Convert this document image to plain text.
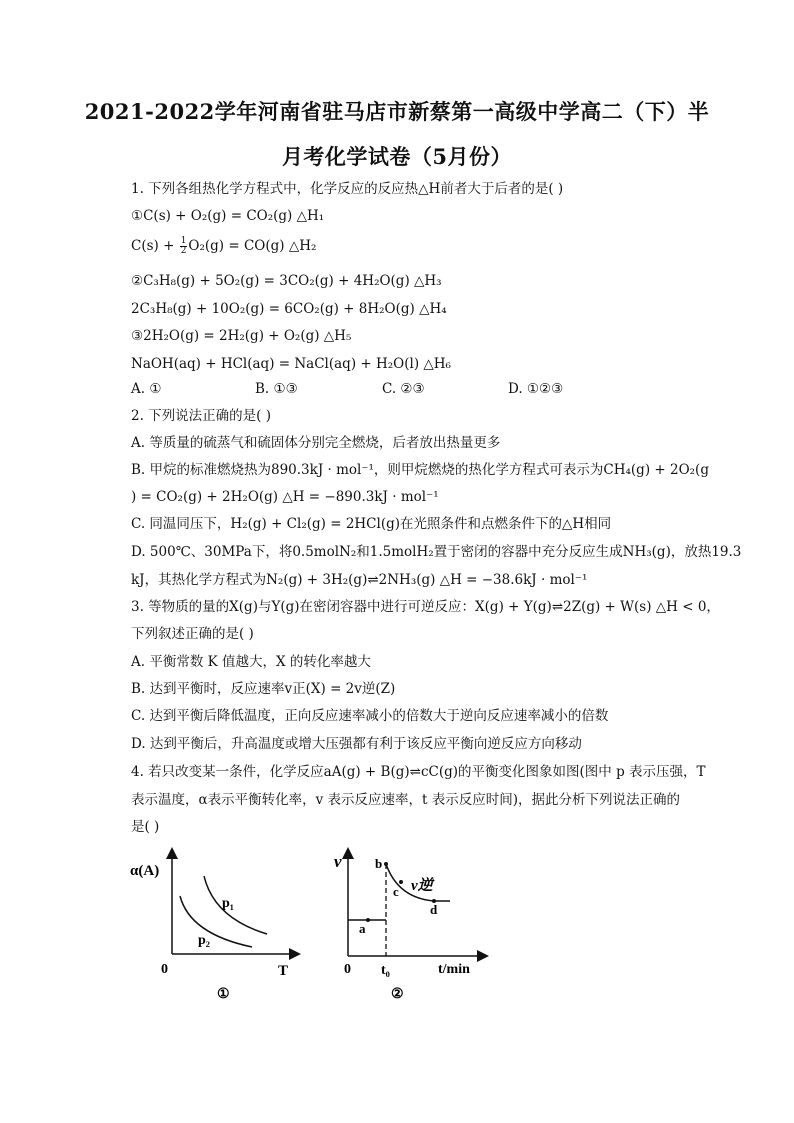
2021-2022学年河南省驻马店市新蔡第一高级中学高二（下）半
月考化学试卷（5月份）
1. 下列各组热化学方程式中，化学反应的反应热△H前者大于后者的是( )
①C(s) + O₂(g) = CO₂(g) △H₁
$C(s) + \frac{1}{2} O_2(g) = CO(g)$ △H₂
②C₃H₈(g) + 5O₂(g) = 3CO₂(g) + 4H₂O(g) △H₃
2C₃H₈(g) + 10O₂(g) = 6CO₂(g) + 8H₂O(g) △H₄
③2H₂O(g) = 2H₂(g) + O₂(g) △H₅
NaOH(aq) + HCl(aq) = NaCl(aq) + H₂O(l) △H₆
A. ①	B. ①③	C. ②③	D. ①②③
2. 下列说法正确的是( )
A. 等质量的硫蒸气和硫固体分别完全燃烧，后者放出热量更多
B. 甲烷的标准燃烧热为890.3kJ · mol⁻¹，则甲烷燃烧的热化学方程式可表示为CH₄(g) + 2O₂(g
) = CO₂(g) + 2H₂O(g) △H = −890.3kJ · mol⁻¹
C. 同温同压下，H₂(g) + Cl₂(g) = 2HCl(g)在光照条件和点燃条件下的△H相同
D. 500℃、30MPa下，将0.5molN₂和1.5molH₂置于密闭的容器中充分反应生成NH₃(g)，放热19.3
kJ，其热化学方程式为N₂(g) + 3H₂(g)⇌2NH₃(g) △H = −38.6kJ · mol⁻¹
3. 等物质的量的X(g)与Y(g)在密闭容器中进行可逆反应：X(g) + Y(g)⇌2Z(g) + W(s) △H < 0，
下列叙述正确的是( )
A. 平衡常数 K 值越大，X 的转化率越大
B. 达到平衡时，反应速率v正(X) = 2v逆(Z)
C. 达到平衡后降低温度，正向反应速率减小的倍数大于逆向反应速率减小的倍数
D. 达到平衡后，升高温度或增大压强都有利于该反应平衡向逆反应方向移动
4. 若只改变某一条件，化学反应aA(g) + B(g)⇌cC(g)的平衡变化图象如图(图中 p 表示压强，T
表示温度，α表示平衡转化率，v 表示反应速率，t 表示反应时间)，据此分析下列说法正确的
是( )
α(A)
0	T
p₁
p₂
①
v
a
b
c
d
v逆
0 t₀	t/min
②
